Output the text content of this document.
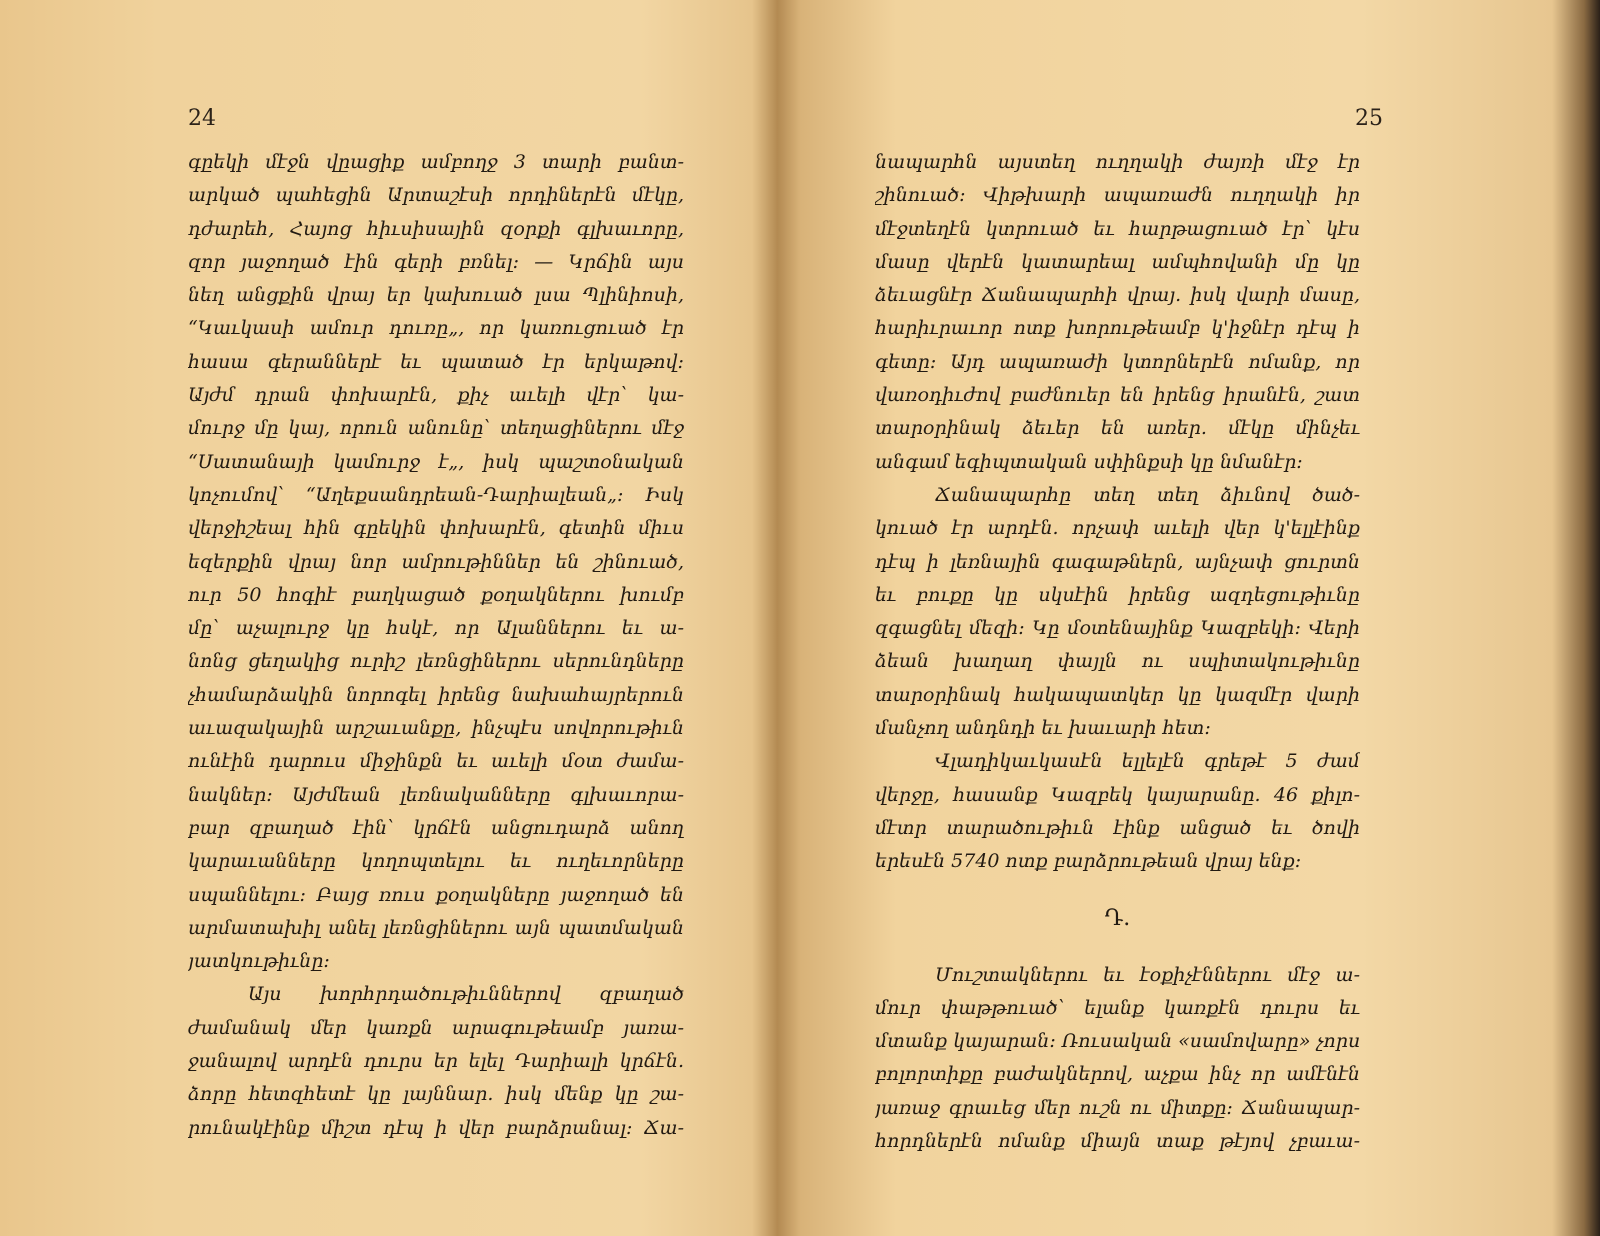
24
գըեկի մէջն վըացիք ամբողջ 3 տարի բանտ-
արկած պահեցին Արտաշէսի որդիներէն մէկը,
դժարեհ, Հայոց հիւսիսային զօրքի գլխաւորը,
զոր յաջողած էին գերի բռնել։ — Կրճին այս
նեղ անցքին վրայ եր կախուած լսա Պլինիոսի,
“Կաւկասի ամուր դուռը„, որ կառուցուած էր
հասա գերաններէ եւ պատած էր երկաթով։
Այժմ դրան փոխարէն, քիչ աւելի վէր՝ կա-
մուրջ մը կայ, որուն անունը՝ տեղացիներու մէջ
“Սատանայի կամուրջ է„, իսկ պաշտօնական
կոչումով՝ “Աղեքսանդրեան-Դարիալեան„։ Իսկ
վերջիշեալ հին գըեկին փոխարէն, գետին միւս
եզերքին վրայ նոր ամրութիններ են շինուած,
ուր 50 հոգիէ բաղկացած քօղակներու խումբ
մը՝ աչալուրջ կը հսկէ, որ Ալաններու եւ ա-
նոնց ցեղակից ուրիշ լեռնցիներու սերունդները
չհամարձակին նորոգել իրենց նախահայրերուն
աւազակային արշաւանքը, ինչպէս սովորութիւն
ունէին դարուս միջինքն եւ աւելի մօտ ժամա-
նակներ։ Այժմեան լեռնականները գլխաւորա-
բար զբաղած էին՝ կրճէն անցուդարձ անող
կարաւանները կողոպտելու եւ ուղեւորները
սպաննելու։ Բայց ռուս քօղակները յաջողած են
արմատախիլ անել լեռնցիներու այն պատմական
յատկութիւնը։
Այս խորհրդածութիւններով զբաղած
ժամանակ մեր կառքն արագութեամբ յառա-
ջանալով արդէն դուրս եր ելել Դարիալի կրճէն.
ձորը հետզհետէ կը լայննար. իսկ մենք կը շա-
րունակէինք միշտ դէպ ի վեր բարձրանալ։ Ճա-
25
նապարհն այստեղ ուղղակի ժայռի մէջ էր
շինուած։ Վիթխարի ապառաժն ուղղակի իր
մէջտեղէն կտրուած եւ հարթացուած էր՝ կէս
մասը վերէն կատարեալ ամպհովանի մը կը
ձեւացնէր Ճանապարհի վրայ. իսկ վարի մասը,
հարիւրաւոր ոտք խորութեամբ կ'իջնէր դէպ ի
գետը։ Այդ ապառաժի կտորներէն ոմանք, որ
վառօդիւժով բաժնուեր են իրենց իրանէն, շատ
տարօրինակ ձեւեր են առեր. մէկը մինչեւ
անգամ եգիպտական սփինքսի կը նմանէր։
Ճանապարհը տեղ տեղ ձիւնով ծած-
կուած էր արդէն. որչափ աւելի վեր կ'ելլէինք
դէպ ի լեռնային գագաթներն, այնչափ ցուրտն
եւ բուքը կը սկսէին իրենց ազդեցութիւնը
զգացնել մեզի։ Կը մօտենայինք Կազբեկի։ Վերի
ձեան խաղաղ փայլն ու սպիտակութիւնը
տարօրինակ հակապատկեր կը կազմէր վարի
մանչող անդնդի եւ խաւարի հետ։
Վլադիկաւկասէն ելլելէն գրեթէ 5 ժամ
վերջը, հասանք Կազբեկ կայարանը. 46 քիլո-
մէտր տարածութիւն էինք անցած եւ ծովի
երեսէն 5740 ոտք բարձրութեան վրայ ենք։
Դ.
Մուշտակներու եւ էօքիչէններու մէջ ա-
մուր փաթթուած՝ ելանք կառքէն դուրս եւ
մտանք կայարան։ Ռուսական «սամովարը» չորս
բոլորտիքը բաժակներով, աչքա ինչ որ ամէնէն
յառաջ գրաւեց մեր ուշն ու միտքը։ Ճանապար-
հորդներէն ոմանք միայն տաք թէյով չբաւա-
